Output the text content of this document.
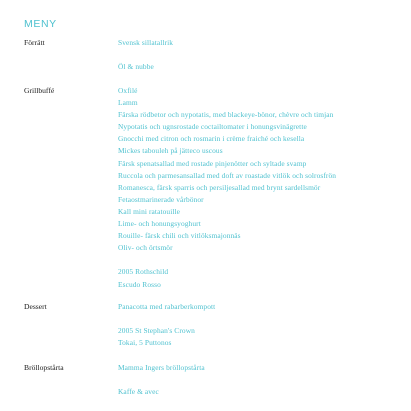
MENY
Förrätt	Svensk sillatallrik
Öl & nubbe
Grillbuffé	Oxfilé
Lamm
Färska rödbetor och nypotatis, med blackeye-bönor, chèvre och timjan
Nypotatis och ugnsrostade coctailtomater i honungsvinägrette
Gnocchi med citron och rosmarin i crème fraiché och kesella
Mickes tabouleh på jätteco uscous
Färsk spenatsallad med rostade pinjenötter och syltade svamp
Ruccola och parmesansallad med doft av roastade vitlök och solrosfrön
Romanesca, färsk sparris och persiljesallad med brynt sardellsmör
Fetaostmarinerade vårbönor
Kall mini ratatouille
Lime- och honungsyoghurt
Rouille- färsk chili och vitlöksmajonnäs
Oliv- och örtsmör
2005 Rothschild
Escudo Rosso
Dessert	Panacotta med rabarberkompott
2005 St Stephan's Crown
Tokai, 5 Puttonos
Bröllopstårta	Mamma Ingers bröllopstårta
Kaffe & avec
